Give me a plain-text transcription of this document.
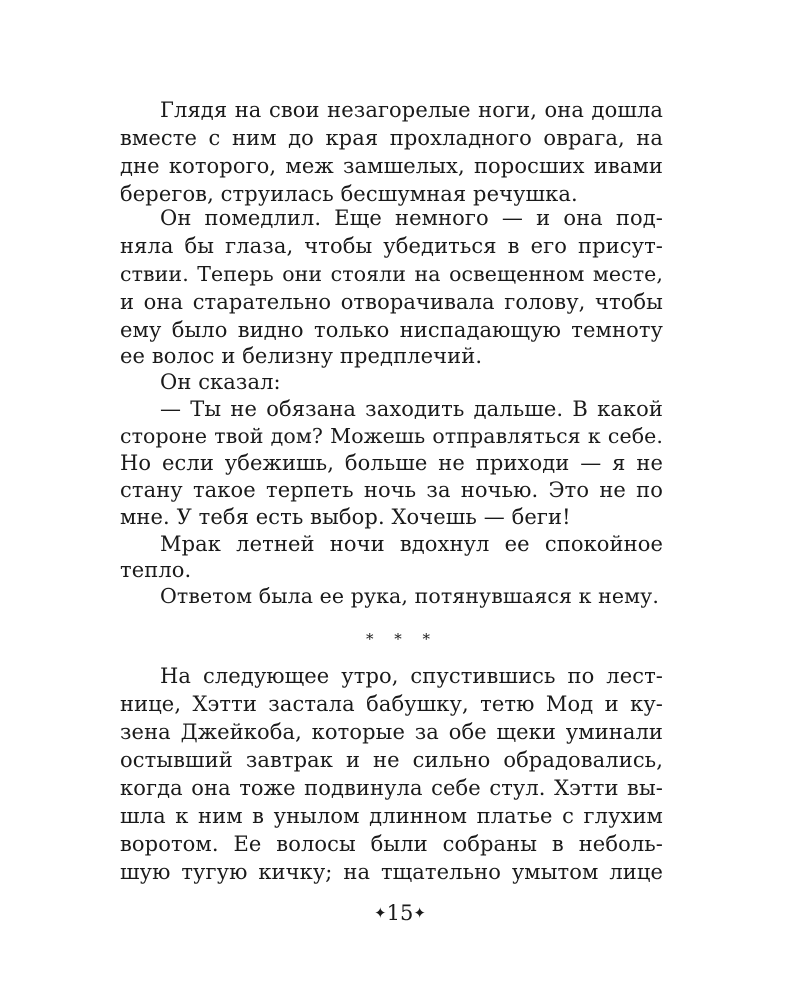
Глядя на свои незагорелые ноги, она дошла
вместе с ним до края прохладного оврага, на
дне которого, меж замшелых, поросших ивами
берегов, струилась бесшумная речушка.
Он помедлил. Еще немного — и она под-
няла бы глаза, чтобы убедиться в его присут-
ствии. Теперь они стояли на освещенном месте,
и она старательно отворачивала голову, чтобы
ему было видно только ниспадающую темноту
ее волос и белизну предплечий.
Он сказал:
— Ты не обязана заходить дальше. В какой
стороне твой дом? Можешь отправляться к себе.
Но если убежишь, больше не приходи — я не
стану такое терпеть ночь за ночью. Это не по
мне. У тебя есть выбор. Хочешь — беги!
Мрак летней ночи вдохнул ее спокойное
тепло.
Ответом была ее рука, потянувшаяся к нему.
* * *
На следующее утро, спустившись по лест-
нице, Хэтти застала бабушку, тетю Мод и ку-
зена Джейкоба, которые за обе щеки уминали
остывший завтрак и не сильно обрадовались,
когда она тоже подвинула себе стул. Хэтти вы-
шла к ним в унылом длинном платье с глухим
воротом. Ее волосы были собраны в неболь-
шую тугую кичку; на тщательно умытом лице
✦15✦
